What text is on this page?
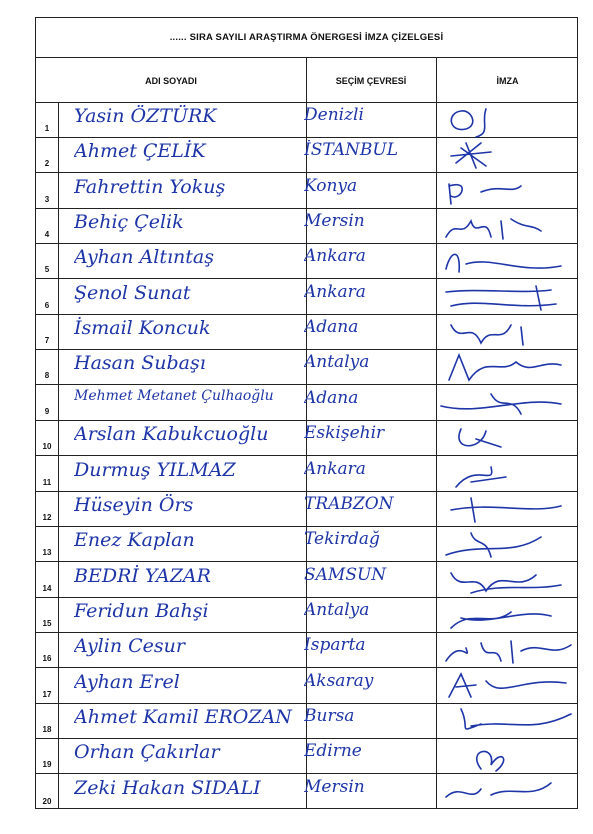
...... SIRA SAYILI ARAŞTIRMA ÖNERGESİ İMZA ÇİZELGESİ
ADI SOYADI	SEÇİM ÇEVRESİ	İMZA
1
Yasin ÖZTÜRK	Denizli
2
Ahmet ÇELİK	İSTANBUL
3
Fahrettin Yokuş	Konya
4
Behiç Çelik	Mersin
5
Ayhan Altıntaş	Ankara
6
Şenol Sunat	Ankara
7
İsmail Koncuk	Adana
8
Hasan Subaşı	Antalya
9
Mehmet Metanet Çulhaoğlu	Adana
10
Arslan Kabukcuoğlu	Eskişehir
11
Durmuş YILMAZ	Ankara
12
Hüseyin Örs	TRABZON
13
Enez Kaplan	Tekirdağ
14
BEDRİ YAZAR	SAMSUN
15
Feridun Bahşi	Antalya
16
Aylin Cesur	Isparta
17
Ayhan Erel	Aksaray
18
Ahmet Kamil EROZAN Bursa
19
Orhan Çakırlar	Edirne
20
Zeki Hakan SIDALI	Mersin
